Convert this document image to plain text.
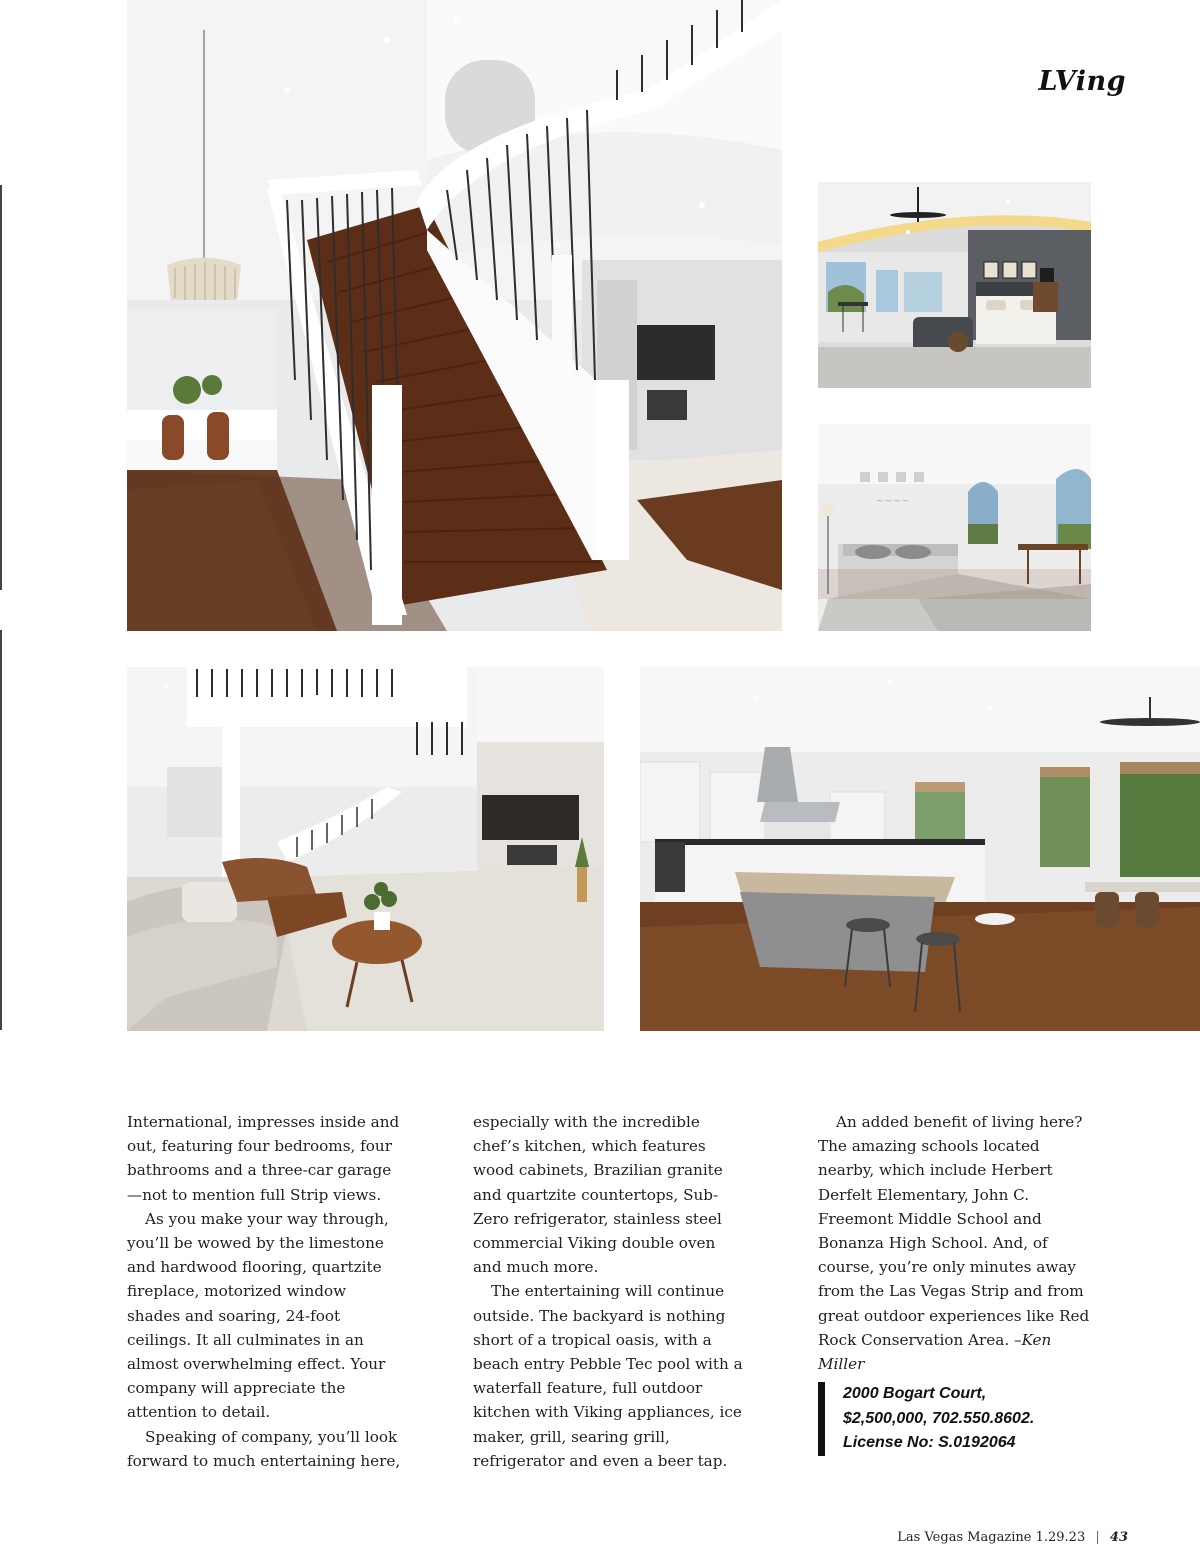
LVing
~~~~

International, impresses inside and out, featuring four bedrooms, four bathrooms and a three-car garage—not to mention full Strip views.

As you make your way through, you’ll be wowed by the limestone and hardwood flooring, quartzite fireplace, motorized window shades and soaring, 24-foot ceilings. It all culminates in an almost overwhelming effect. Your company will appreciate the attention to detail.

Speaking of company, you’ll look forward to much entertaining here,

especially with the incredible chef’s kitchen, which features wood cabinets, Brazilian granite and quartzite countertops, Sub-Zero refrigerator, stainless steel commercial Viking double oven and much more.

The entertaining will continue outside. The backyard is nothing short of a tropical oasis, with a beach entry Pebble Tec pool with a waterfall feature, full outdoor kitchen with Viking appliances, ice maker, grill, searing grill, refrigerator and even a beer tap.

An added benefit of living here? The amazing schools located nearby, which include Herbert Derfelt Elementary, John C. Freemont Middle School and Bonanza High School. And, of course, you’re only minutes away from the Las Vegas Strip and from great outdoor experiences like Red Rock Conservation Area. –Ken Miller

2000 Bogart Court,
$2,500,000, 702.550.8602.
License No: S.0192064
Las Vegas Magazine 1.29.23 | 43
